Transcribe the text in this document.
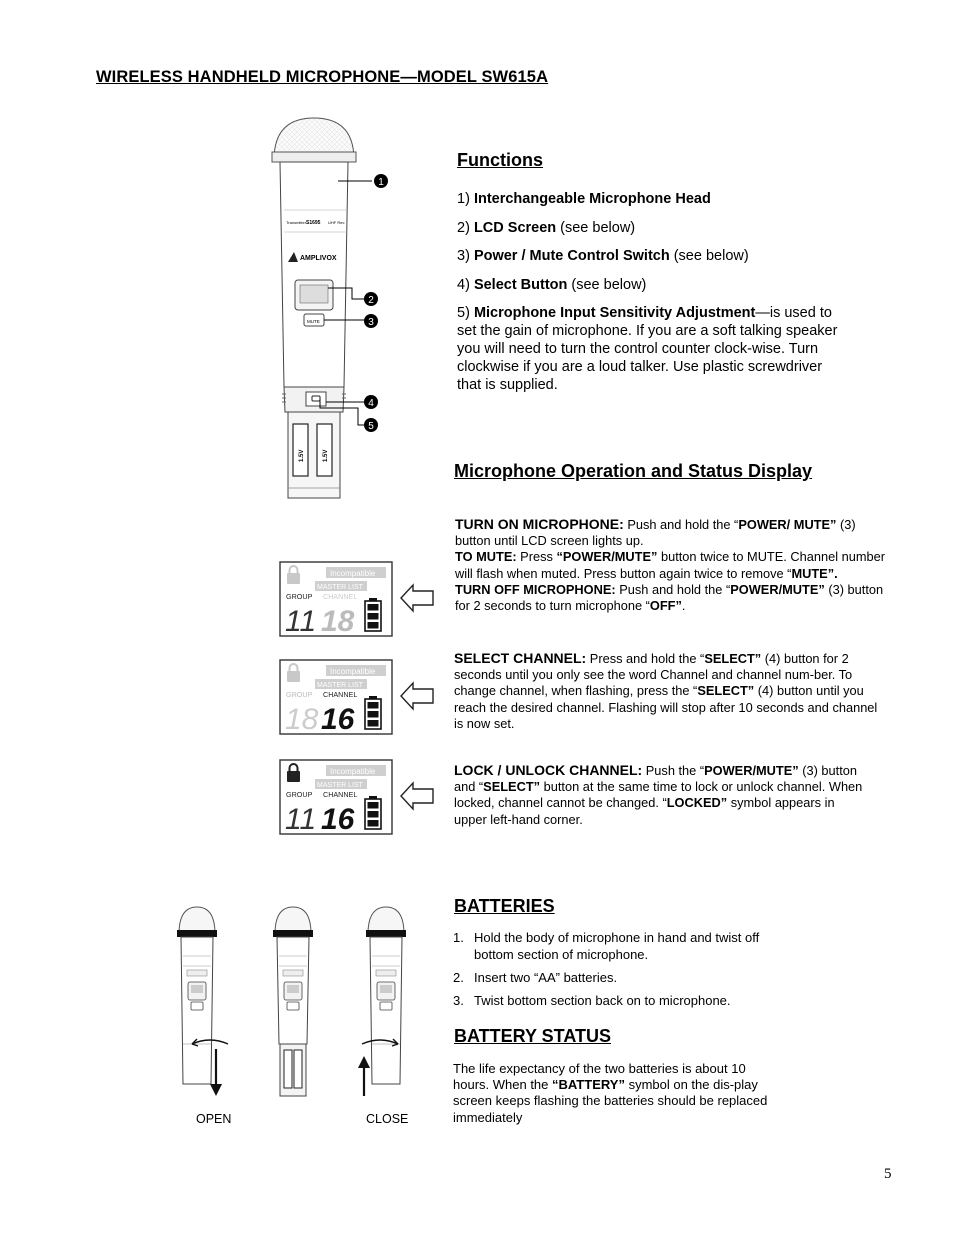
WIRELESS HANDHELD MICROPHONE—MODEL SW615A
Transmitter S1695 UHF Rec
AMPLIVOX
MUTE
1.5V	1.5V
1
2
3
4
5
Functions

1) Interchangeable Microphone Head

2) LCD Screen (see below)

3) Power / Mute Control Switch (see below)

4) Select Button (see below)

5) Microphone Input Sensitivity Adjustment—is used to set the gain of microphone. If you are a soft talking speaker you will need to turn the control counter clock-wise. Turn clockwise if you are a loud talker. Use plastic screwdriver that is supplied.

Microphone Operation and Status Display
TURN ON MICROPHONE: Push and hold the “POWER/ MUTE” (3) button until LCD screen lights up.
TO MUTE: Press “POWER/MUTE” button twice to MUTE. Channel number will flash when muted. Press button again twice to remove “MUTE”.
TURN OFF MICROPHONE: Push and hold the “POWER/MUTE” (3) button for 2 seconds to turn microphone “OFF”.
SELECT CHANNEL: Press and hold the “SELECT” (4) button for 2 seconds until you only see the word Channel and channel num-ber. To change channel, when flashing, press the “SELECT” (4) button until you reach the desired channel. Flashing will stop after 10 seconds and channel is now set.
LOCK / UNLOCK CHANNEL: Push the “POWER/MUTE” (3) button and “SELECT” button at the same time to lock or unlock channel. When locked, channel cannot be changed. “LOCKED” symbol appears in upper left-hand corner.
Incompatible
MASTER LIST
GROUP CHANNEL
11 18
Incompatible
MASTER LIST
GROUP CHANNEL
18 16
Incompatible
MASTER LIST
GROUP CHANNEL
11 16
OPEN	CLOSE
BATTERIES
1. Hold the body of microphone in hand and twist off bottom section of microphone.
2. Insert two “AA” batteries.
3. Twist bottom section back on to microphone.
BATTERY STATUS
The life expectancy of the two batteries is about 10 hours. When the “BATTERY” symbol on the dis-play screen keeps flashing the batteries should be replaced immediately
5
